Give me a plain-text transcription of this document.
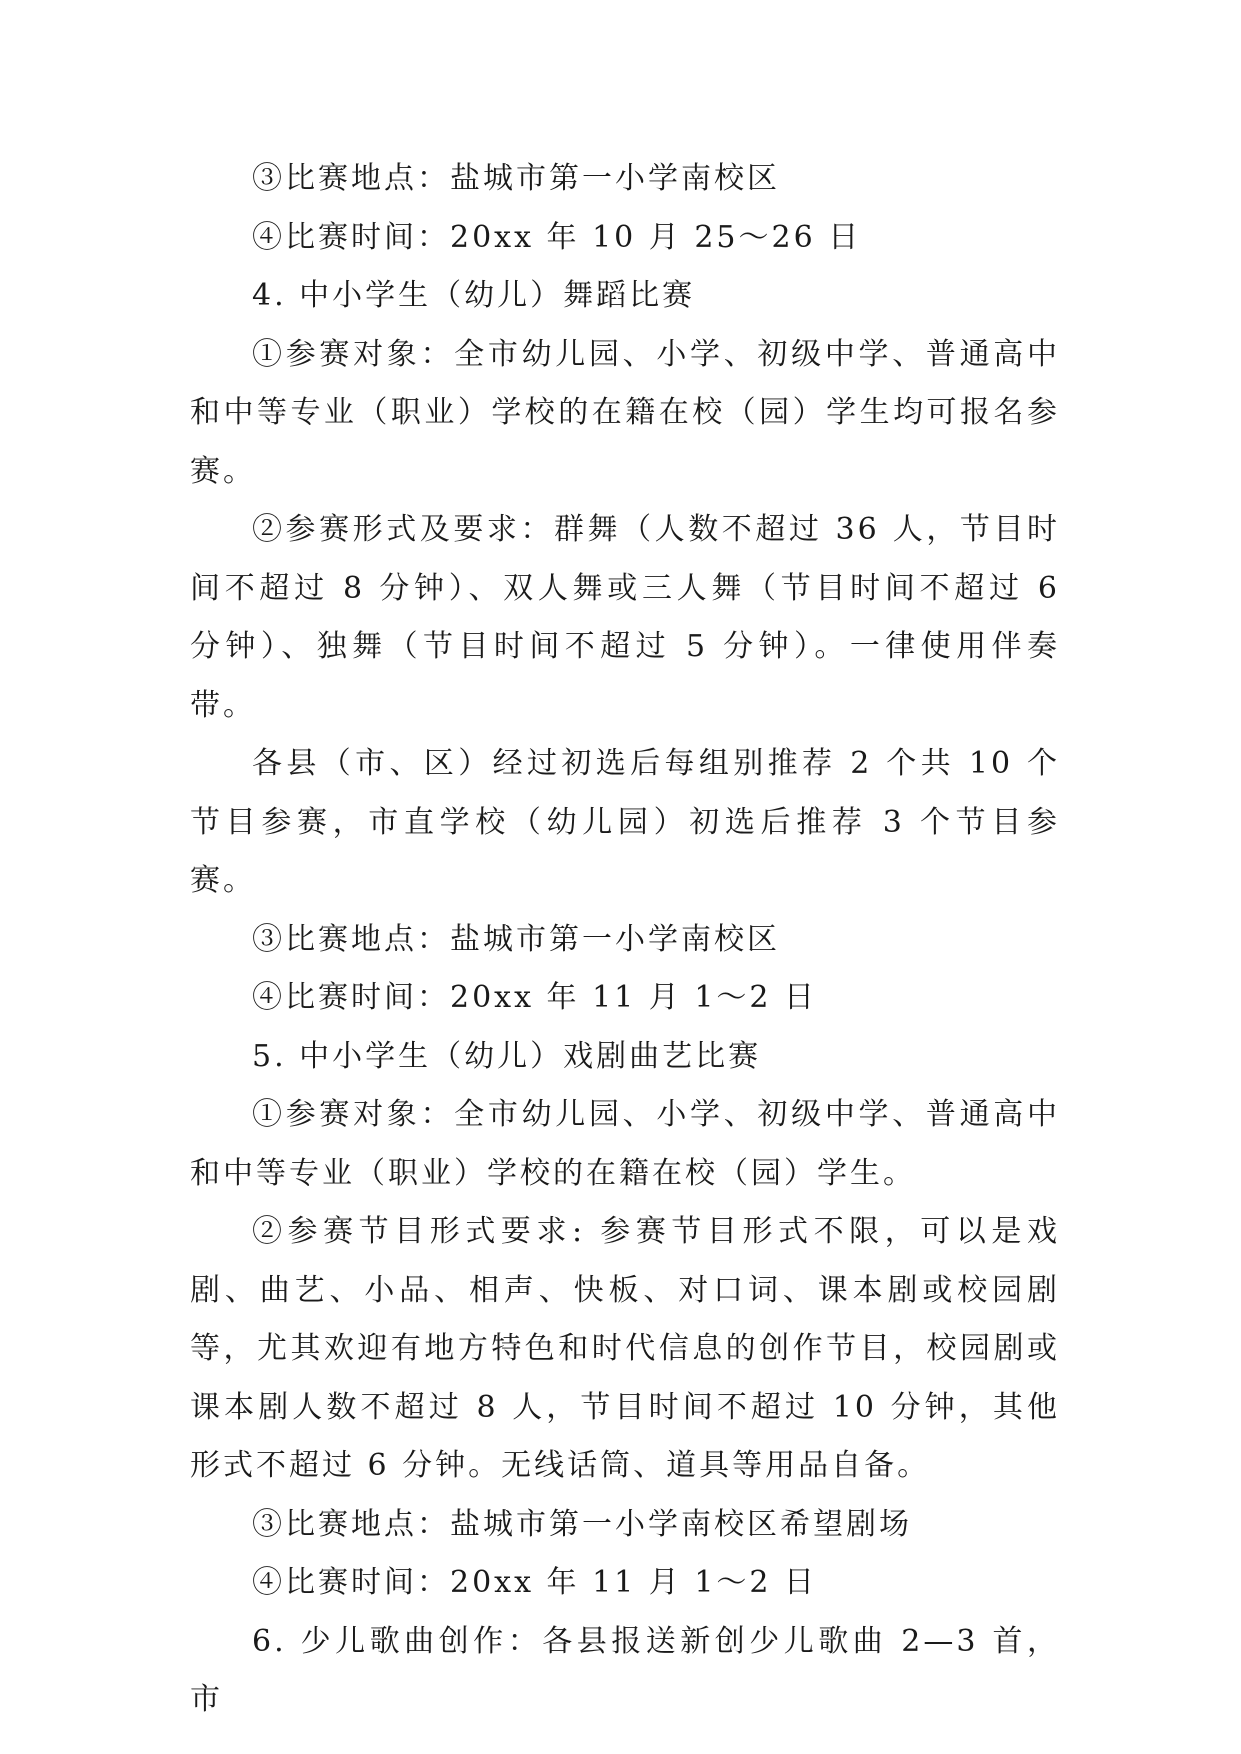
③比赛地点：盐城市第一小学南校区

④比赛时间：20xx 年 10 月 25～26 日

4. 中小学生（幼儿）舞蹈比赛

①参赛对象：全市幼儿园、小学、初级中学、普通高中和中等专业（职业）学校的在籍在校（园）学生均可报名参赛。

②参赛形式及要求：群舞（人数不超过 36 人，节目时间不超过 8 分钟）、双人舞或三人舞（节目时间不超过 6 分钟）、独舞（节目时间不超过 5 分钟）。一律使用伴奏带。

各县（市、区）经过初选后每组别推荐 2 个共 10 个节目参赛，市直学校（幼儿园）初选后推荐 3 个节目参赛。

③比赛地点：盐城市第一小学南校区

④比赛时间：20xx 年 11 月 1～2 日

5. 中小学生（幼儿）戏剧曲艺比赛

①参赛对象：全市幼儿园、小学、初级中学、普通高中和中等专业（职业）学校的在籍在校（园）学生。

②参赛节目形式要求: 参赛节目形式不限，可以是戏剧、曲艺、小品、相声、快板、对口词、课本剧或校园剧等，尤其欢迎有地方特色和时代信息的创作节目，校园剧或课本剧人数不超过 8 人，节目时间不超过 10 分钟，其他形式不超过 6 分钟。无线话筒、道具等用品自备。

③比赛地点：盐城市第一小学南校区希望剧场

④比赛时间：20xx 年 11 月 1～2 日

6. 少儿歌曲创作：各县报送新创少儿歌曲 2—3 首，市
